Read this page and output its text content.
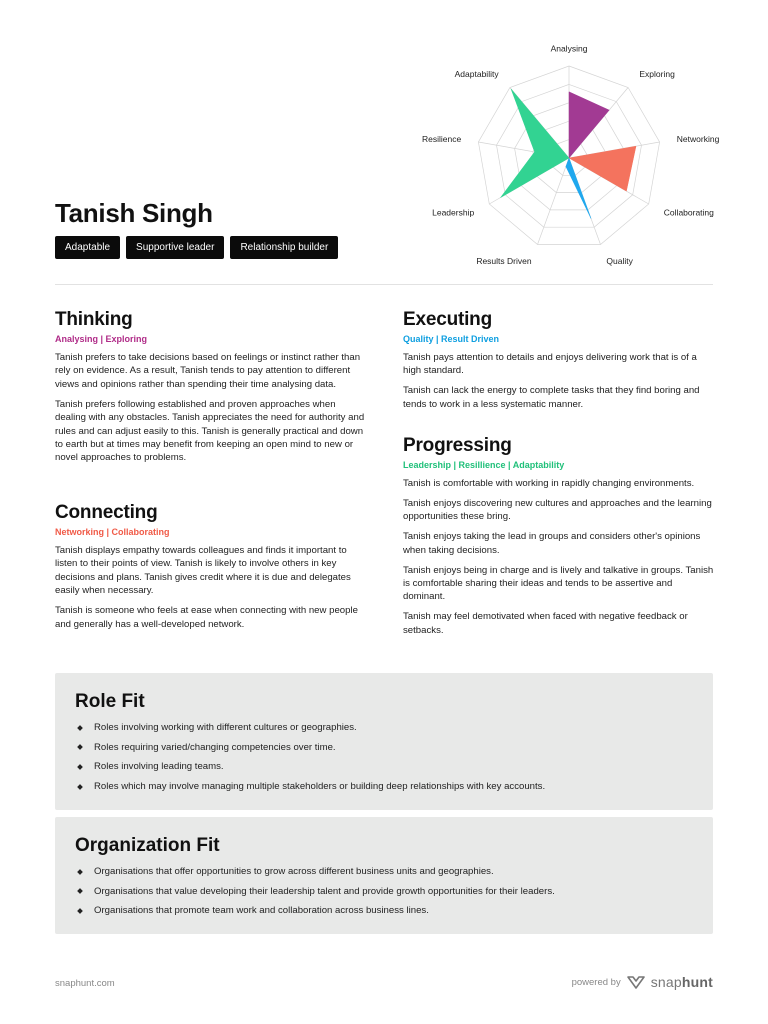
Analysing
Exploring
Networking
Collaborating
Quality
Results Driven
Leadership
Resilience
Adaptability
Tanish Singh
Adaptable	Supportive leader	Relationship builder
Thinking
Analysing | Exploring

Tanish prefers to take decisions based on feelings or instinct rather than rely on evidence. As a result, Tanish tends to pay attention to different views and opinions rather than spending their time analysing data.

Tanish prefers following established and proven approaches when dealing with any obstacles. Tanish appreciates the need for authority and rules and can adjust easily to this. Tanish is generally practical and down to earth but at times may benefit from keeping an open mind to new or novel approaches to problems.

Connecting
Networking | Collaborating

Tanish displays empathy towards colleagues and finds it important to listen to their points of view. Tanish is likely to involve others in key decisions and plans. Tanish gives credit where it is due and delegates easily when necessary.

Tanish is someone who feels at ease when connecting with new people and generally has a well-developed network.

Executing
Quality | Result Driven

Tanish pays attention to details and enjoys delivering work that is of a high standard.

Tanish can lack the energy to complete tasks that they find boring and tends to work in a less systematic manner.

Progressing
Leadership | Resillience | Adaptability

Tanish is comfortable with working in rapidly changing environments.

Tanish enjoys discovering new cultures and approaches and the learning opportunities these bring.

Tanish enjoys taking the lead in groups and considers other's opinions when taking decisions.

Tanish enjoys being in charge and is lively and talkative in groups. Tanish is comfortable sharing their ideas and tends to be assertive and dominant.

Tanish may feel demotivated when faced with negative feedback or setbacks.

Role Fit
Roles involving working with different cultures or geographies.
Roles requiring varied/changing competencies over time.
Roles involving leading teams.
Roles which may involve managing multiple stakeholders or building deep relationships with key accounts.
Organization Fit
Organisations that offer opportunities to grow across different business units and geographies.
Organisations that value developing their leadership talent and provide growth opportunities for their leaders.
Organisations that promote team work and collaboration across business lines.
snaphunt.com	powered by snaphunt
